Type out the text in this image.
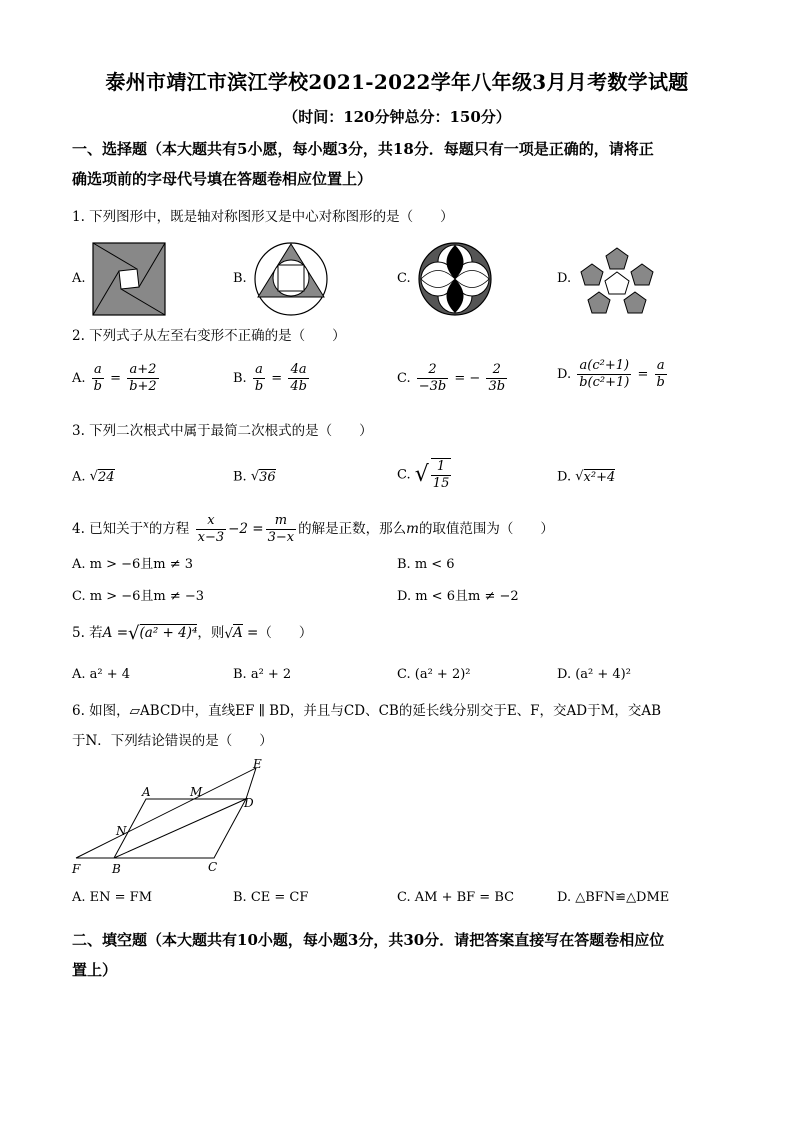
泰州市靖江市滨江学校2021-2022学年八年级3月月考数学试题
（时间：120分钟总分：150分）
一、选择题（本大题共有5小愿，每小题3分，共18分．每题只有一项是正确的，请将正
确选项前的字母代号填在答题卷相应位置上）
1. 下列图形中，既是轴对称图形又是中心对称图形的是（　　）
A.	B.	C.	D.
2. 下列式子从左至右变形不正确的是（　　）
A. $\frac{a}{b} = \frac{a+2}{b+2}$	B. $\frac{a}{b} = \frac{4a}{4b}$	C. $\frac{2}{-3b}$ = − $\frac{2}{3b}$	D. $\frac{\text{a(c²+1)}}{\text{b(c²+1)}} = \frac{a}{b}$
3. 下列二次根式中属于最简二次根式的是（　　）
A. √24	B. √36	C. √ $\frac{1}{15}$	D. √x²+4
4. 已知关于$^x$的方程 $\frac{x}{x-3} -2 = \frac{m}{3-x}$ 的解是正数，那么m的取值范围为（　　）
A. m > −6且m ≠ 3	B. m < 6
C. m > −6且m ≠ −3	D. m < 6且m ≠ −2
5. 若A =√(a² + 4)⁴，则√A =（　　）
A. a² + 4	B. a² + 2	C. (a² + 2)²	D. (a² + 4)²
6. 如图，▱ABCD中，直线EF ∥ BD，并且与CD、CB的延长线分别交于E、F，交AD于M，交AB
于N．下列结论错误的是（　　）
A	M
E
D
N
F	B	C
A. EN = FM	B. CE = CF	C. AM + BF = BC	D. △BFN≌△DME
二、填空题（本大题共有10小题，每小题3分，共30分．请把答案直接写在答题卷相应位
置上）
